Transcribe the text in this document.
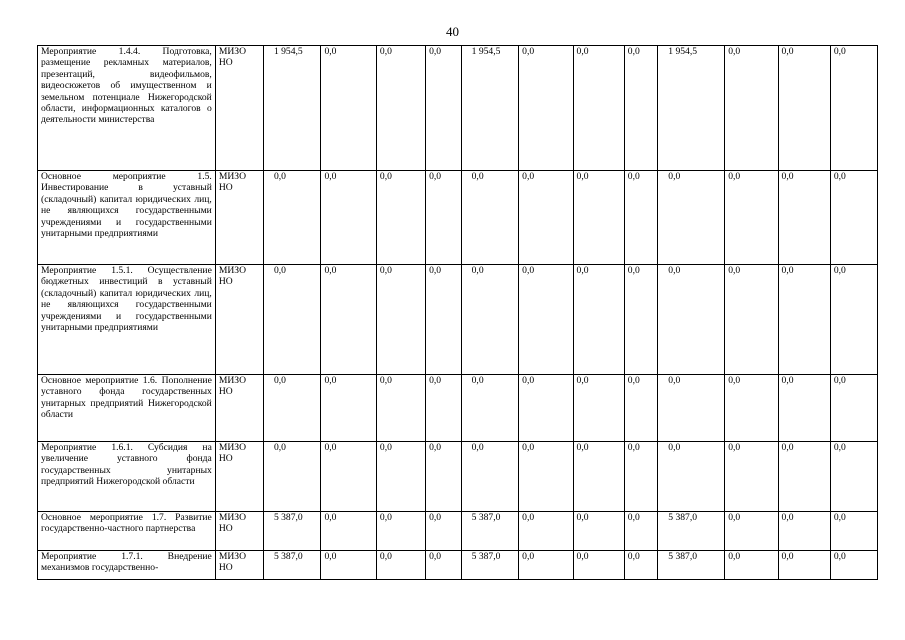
40
Мероприятие 1.4.4. Подготовка, размещение рекламных материалов, презентаций, видеофильмов, видеосюжетов об имущественном и земельном потенциале Нижегородской области, информационных каталогов о деятельности министерства	МИЗО НО	1 954,5	0,0	0,0	0,0	1 954,5	0,0	0,0	0,0	1 954,5	0,0	0,0	0,0
Основное мероприятие 1.5. Инвестирование в уставный (складочный) капитал юридических лиц, не являющихся государственными учреждениями и государственными унитарными предприятиями	МИЗО НО	0,0	0,0	0,0	0,0	0,0	0,0	0,0	0,0	0,0	0,0	0,0	0,0
Мероприятие 1.5.1. Осуществление бюджетных инвестиций в уставный (складочный) капитал юридических лиц, не являющихся государственными учреждениями и государственными унитарными предприятиями	МИЗО НО	0,0	0,0	0,0	0,0	0,0	0,0	0,0	0,0	0,0	0,0	0,0	0,0
Основное мероприятие 1.6. Пополнение уставного фонда государственных унитарных предприятий Нижегородской области	МИЗО НО	0,0	0,0	0,0	0,0	0,0	0,0	0,0	0,0	0,0	0,0	0,0	0,0
Мероприятие 1.6.1. Субсидия на увеличение уставного фонда государственных унитарных предприятий Нижегородской области	МИЗО НО	0,0	0,0	0,0	0,0	0,0	0,0	0,0	0,0	0,0	0,0	0,0	0,0
Основное мероприятие 1.7. Развитие государственно-частного партнерства	МИЗО НО	5 387,0	0,0	0,0	0,0	5 387,0	0,0	0,0	0,0	5 387,0	0,0	0,0	0,0
Мероприятие 1.7.1. Внедрение механизмов государственно-	МИЗО НО	5 387,0	0,0	0,0	0,0	5 387,0	0,0	0,0	0,0	5 387,0	0,0	0,0	0,0
